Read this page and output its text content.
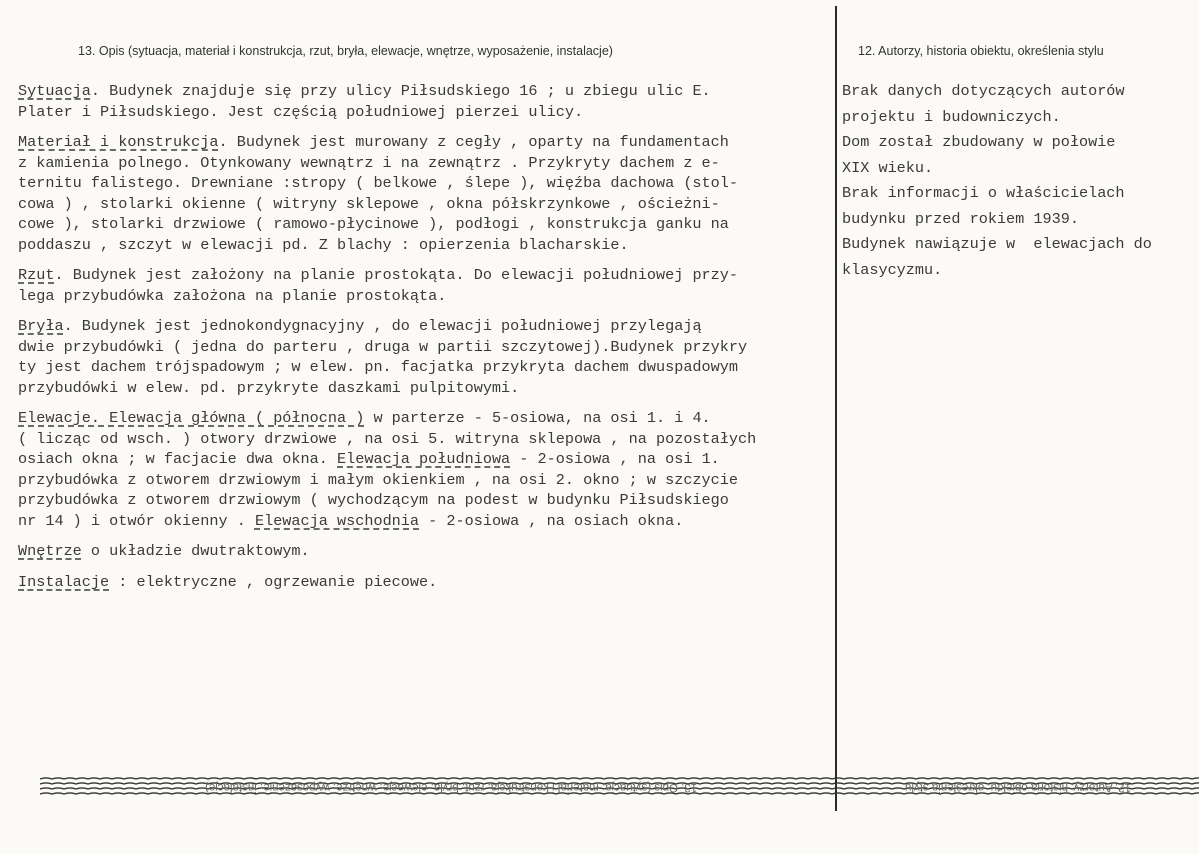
13. Opis (sytuacja, materiał i konstrukcja, rzut, bryła, elewacje, wnętrze, wyposażenie, instalacje)	12. Autorzy, historia obiektu, określenia stylu
Sytuacja. Budynek znajduje się przy ulicy Piłsudskiego 16 ; u zbiegu ulic E.
Plater i Piłsudskiego. Jest częścią południowej pierzei ulicy.
Materiał i konstrukcja. Budynek jest murowany z cegły , oparty na fundamentach
z kamienia polnego. Otynkowany wewnątrz i na zewnątrz . Przykryty dachem z e-
ternitu falistego. Drewniane :stropy ( belkowe , ślepe ), więźba dachowa (stol-
cowa ) , stolarki okienne ( witryny sklepowe , okna półskrzynkowe , ościeżni-
cowe ), stolarki drzwiowe ( ramowo-płycinowe ), podłogi , konstrukcja ganku na
poddaszu , szczyt w elewacji pd. Z blachy : opierzenia blacharskie.
Rzut. Budynek jest założony na planie prostokąta. Do elewacji południowej przy-
lega przybudówka założona na planie prostokąta.
Bryła. Budynek jest jednokondygnacyjny , do elewacji południowej przylegają
dwie przybudówki ( jedna do parteru , druga w partii szczytowej).Budynek przykry
ty jest dachem trójspadowym ; w elew. pn. facjatka przykryta dachem dwuspadowym
przybudówki w elew. pd. przykryte daszkami pulpitowymi.
Elewacje. Elewacja główna ( północna ) w parterze - 5-osiowa, na osi 1. i 4.
( licząc od wsch. ) otwory drzwiowe , na osi 5. witryna sklepowa , na pozostałych
osiach okna ; w facjacie dwa okna. Elewacja południowa - 2-osiowa , na osi 1.
przybudówka z otworem drzwiowym i małym okienkiem , na osi 2. okno ; w szczycie
przybudówka z otworem drzwiowym ( wychodzącym na podest w budynku Piłsudskiego
nr 14 ) i otwór okienny . Elewacja wschodnia - 2-osiowa , na osiach okna.
Wnętrze o układzie dwutraktowym.
Instalacje : elektryczne , ogrzewanie piecowe.
Brak danych dotyczących autorów
projektu i budowniczych.
Dom został zbudowany w połowie
XIX wieku.
Brak informacji o właścicielach
budynku przed rokiem 1939.
Budynek nawiązuje w  elewacjach do
klasycyzmu.
13. Opis (sytuacja, materiał i konstrukcja, rzut, bryła, elewacje, wnętrze, wyposażenie, instalacje)	12. Autorzy, historia obiektu, określenia stylu
